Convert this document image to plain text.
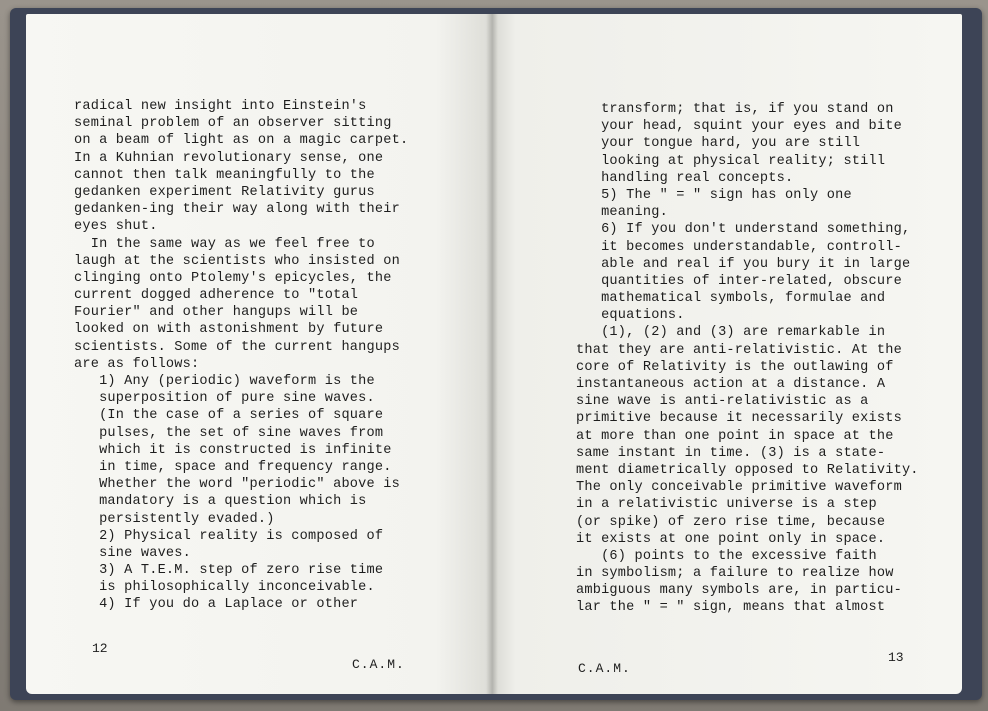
radical new insight into Einstein's
seminal problem of an observer sitting
on a beam of light as on a magic carpet.
In a Kuhnian revolutionary sense, one
cannot then talk meaningfully to the
gedanken experiment Relativity gurus
gedanken-ing their way along with their
eyes shut.
In the same way as we feel free to
laugh at the scientists who insisted on
clinging onto Ptolemy's epicycles, the
current dogged adherence to "total
Fourier" and other hangups will be
looked on with astonishment by future
scientists. Some of the current hangups
are as follows:
1) Any (periodic) waveform is the
superposition of pure sine waves.
(In the case of a series of square
pulses, the set of sine waves from
which it is constructed is infinite
in time, space and frequency range.
Whether the word "periodic" above is
mandatory is a question which is
persistently evaded.)
2) Physical reality is composed of
sine waves.
3) A T.E.M. step of zero rise time
is philosophically inconceivable.
4) If you do a Laplace or other
12
C.A.M.
transform; that is, if you stand on
your head, squint your eyes and bite
your tongue hard, you are still
looking at physical reality; still
handling real concepts.
5) The " = " sign has only one
meaning.
6) If you don't understand something,
it becomes understandable, controll-
able and real if you bury it in large
quantities of inter-related, obscure
mathematical symbols, formulae and
equations.
(1), (2) and (3) are remarkable in
that they are anti-relativistic. At the
core of Relativity is the outlawing of
instantaneous action at a distance. A
sine wave is anti-relativistic as a
primitive because it necessarily exists
at more than one point in space at the
same instant in time. (3) is a state-
ment diametrically opposed to Relativity.
The only conceivable primitive waveform
in a relativistic universe is a step
(or spike) of zero rise time, because
it exists at one point only in space.
(6) points to the excessive faith
in symbolism; a failure to realize how
ambiguous many symbols are, in particu-
lar the " = " sign, means that almost
13
C.A.M.
